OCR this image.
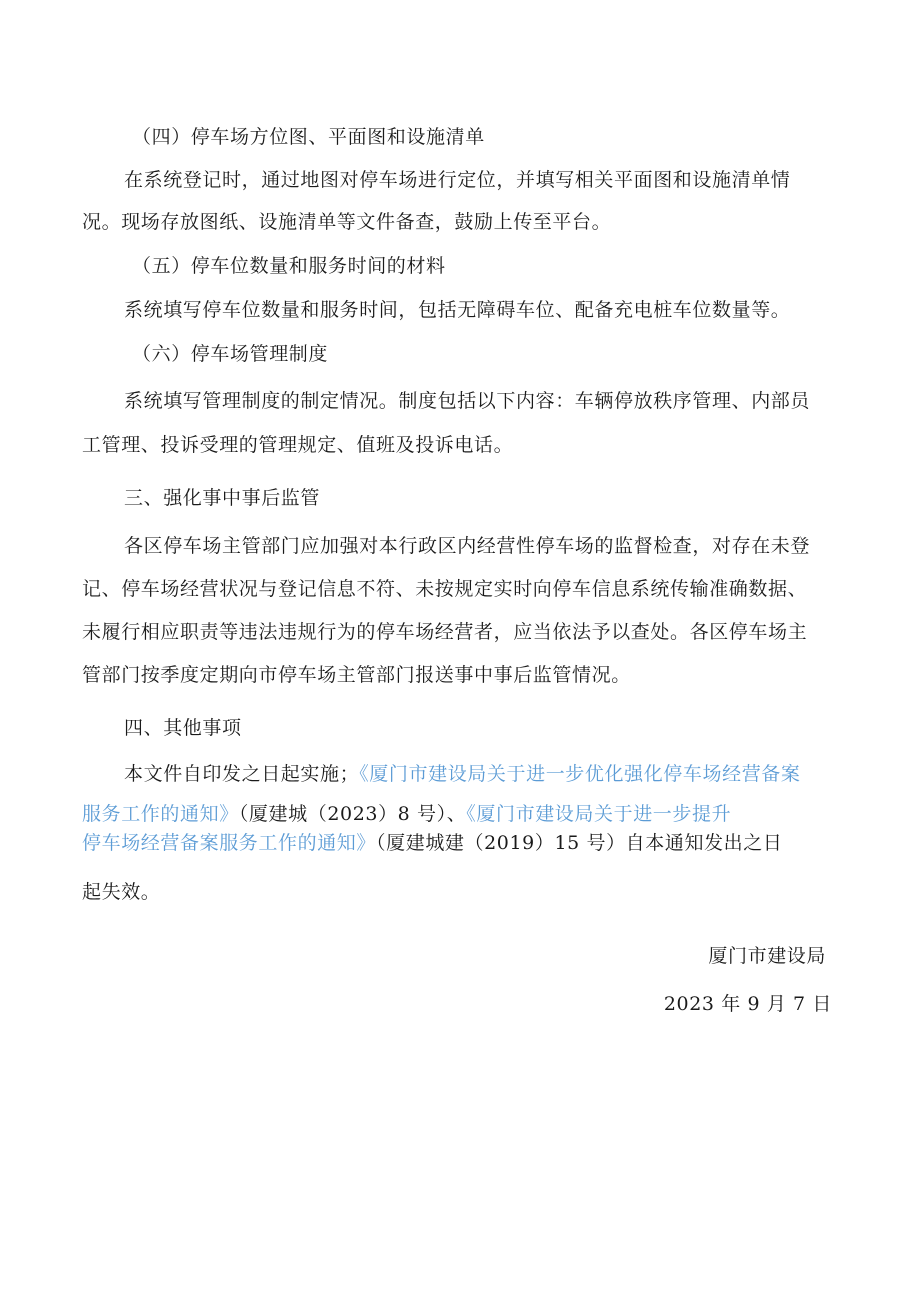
（四）停车场方位图、平面图和设施清单
在系统登记时，通过地图对停车场进行定位，并填写相关平面图和设施清单情
况。现场存放图纸、设施清单等文件备查，鼓励上传至平台。
（五）停车位数量和服务时间的材料
系统填写停车位数量和服务时间，包括无障碍车位、配备充电桩车位数量等。
（六）停车场管理制度
系统填写管理制度的制定情况。制度包括以下内容：车辆停放秩序管理、内部员
工管理、投诉受理的管理规定、值班及投诉电话。
三、强化事中事后监管
各区停车场主管部门应加强对本行政区内经营性停车场的监督检查，对存在未登
记、停车场经营状况与登记信息不符、未按规定实时向停车信息系统传输准确数据、
未履行相应职责等违法违规行为的停车场经营者，应当依法予以查处。各区停车场主
管部门按季度定期向市停车场主管部门报送事中事后监管情况。
四、其他事项
本文件自印发之日起实施；《厦门市建设局关于进一步优化强化停车场经营备案
服务工作的通知》（厦建城（2023）8 号）、《厦门市建设局关于进一步提升
停车场经营备案服务工作的通知》（厦建城建（2019）15 号）自本通知发出之日
起失效。
厦门市建设局
2023 年 9 月 7 日
